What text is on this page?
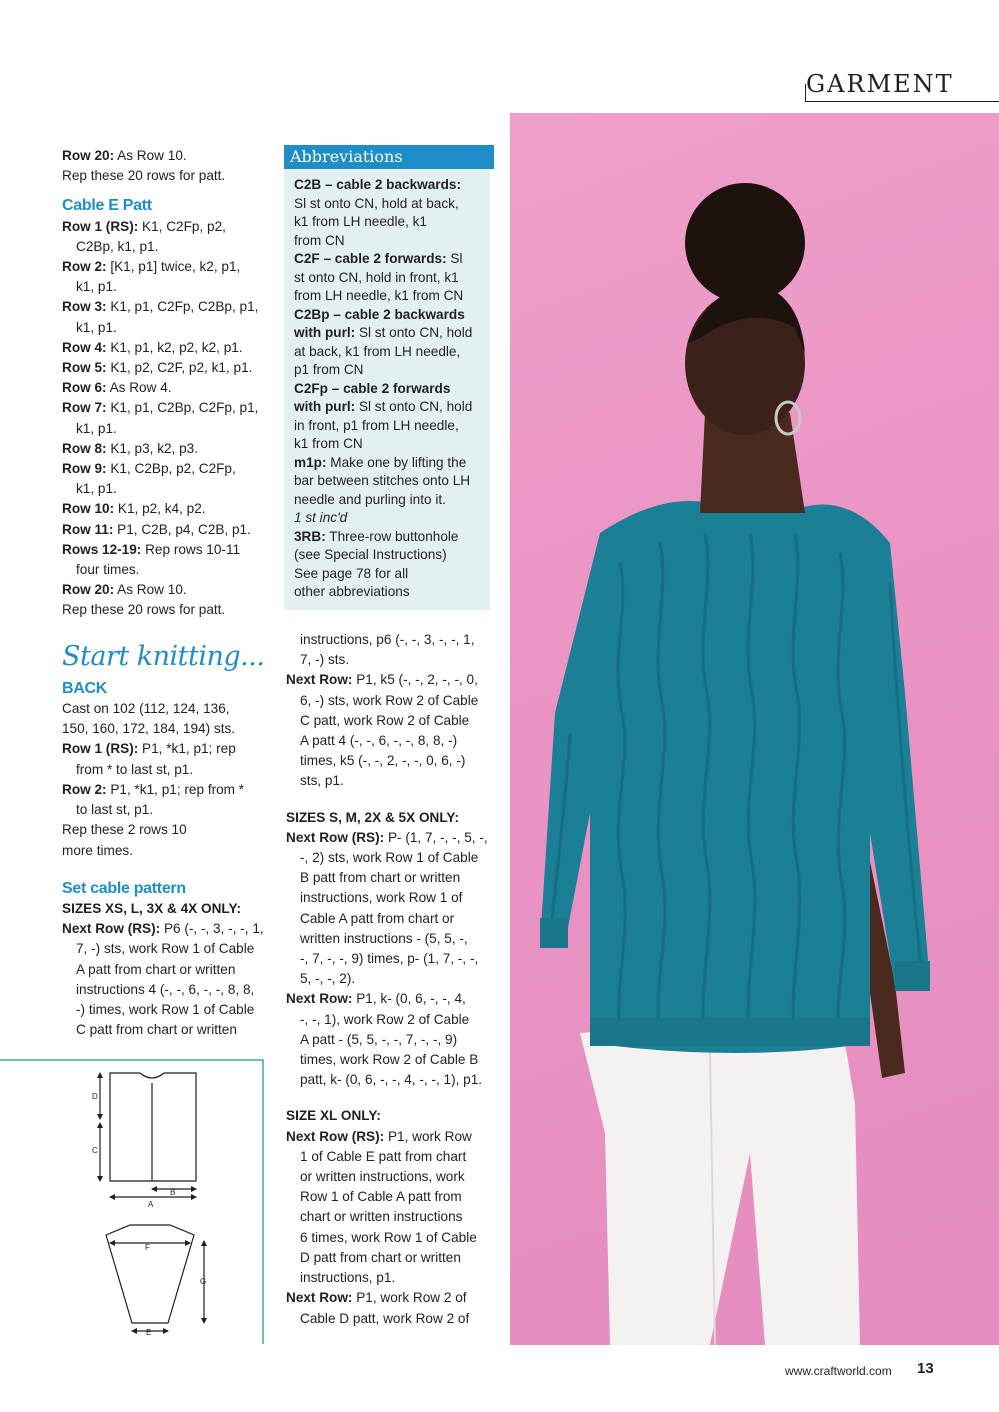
GARMENT
Row 20: As Row 10.
Rep these 20 rows for patt.
Cable E Patt
Row 1 (RS): K1, C2Fp, p2,
C2Bp, k1, p1.
Row 2: [K1, p1] twice, k2, p1,
k1, p1.
Row 3: K1, p1, C2Fp, C2Bp, p1,
k1, p1.
Row 4: K1, p1, k2, p2, k2, p1.
Row 5: K1, p2, C2F, p2, k1, p1.
Row 6: As Row 4.
Row 7: K1, p1, C2Bp, C2Fp, p1,
k1, p1.
Row 8: K1, p3, k2, p3.
Row 9: K1, C2Bp, p2, C2Fp,
k1, p1.
Row 10: K1, p2, k4, p2.
Row 11: P1, C2B, p4, C2B, p1.
Rows 12-19: Rep rows 10-11
four times.
Row 20: As Row 10.
Rep these 20 rows for patt.
Start knitting...
BACK
Cast on 102 (112, 124, 136,
150, 160, 172, 184, 194) sts.
Row 1 (RS): P1, *k1, p1; rep
from * to last st, p1.
Row 2: P1, *k1, p1; rep from *
to last st, p1.
Rep these 2 rows 10
more times.
Set cable pattern
SIZES XS, L, 3X & 4X ONLY:
Next Row (RS): P6 (-, -, 3, -, -, 1,
7, -) sts, work Row 1 of Cable
A patt from chart or written
instructions 4 (-, -, 6, -, -, 8, 8,
-) times, work Row 1 of Cable
C patt from chart or written
Abbreviations
C2B – cable 2 backwards:
Sl st onto CN, hold at back,
k1 from LH needle, k1
from CN
C2F – cable 2 forwards: Sl
st onto CN, hold in front, k1
from LH needle, k1 from CN
C2Bp – cable 2 backwards
with purl: Sl st onto CN, hold
at back, k1 from LH needle,
p1 from CN
C2Fp – cable 2 forwards
with purl: Sl st onto CN, hold
in front, p1 from LH needle,
k1 from CN
m1p: Make one by lifting the
bar between stitches onto LH
needle and purling into it.
1 st inc'd
3RB: Three-row buttonhole
(see Special Instructions)
See page 78 for all
other abbreviations
instructions, p6 (-, -, 3, -, -, 1,
7, -) sts.
Next Row: P1, k5 (-, -, 2, -, -, 0,
6, -) sts, work Row 2 of Cable
C patt, work Row 2 of Cable
A patt 4 (-, -, 6, -, -, 8, 8, -)
times, k5 (-, -, 2, -, -, 0, 6, -)
sts, p1.
SIZES S, M, 2X & 5X ONLY:
Next Row (RS): P- (1, 7, -, -, 5, -,
-, 2) sts, work Row 1 of Cable
B patt from chart or written
instructions, work Row 1 of
Cable A patt from chart or
written instructions - (5, 5, -,
-, 7, -, -, 9) times, p- (1, 7, -, -,
5, -, -, 2).
Next Row: P1, k- (0, 6, -, -, 4,
-, -, 1), work Row 2 of Cable
A patt - (5, 5, -, -, 7, -, -, 9)
times, work Row 2 of Cable B
patt, k- (0, 6, -, -, 4, -, -, 1), p1.
SIZE XL ONLY:
Next Row (RS): P1, work Row
1 of Cable E patt from chart
or written instructions, work
Row 1 of Cable A patt from
chart or written instructions
6 times, work Row 1 of Cable
D patt from chart or written
instructions, p1.
Next Row: P1, work Row 2 of
Cable D patt, work Row 2 of
D
C
B
A
F
G
E
www.craftworld.com 13
